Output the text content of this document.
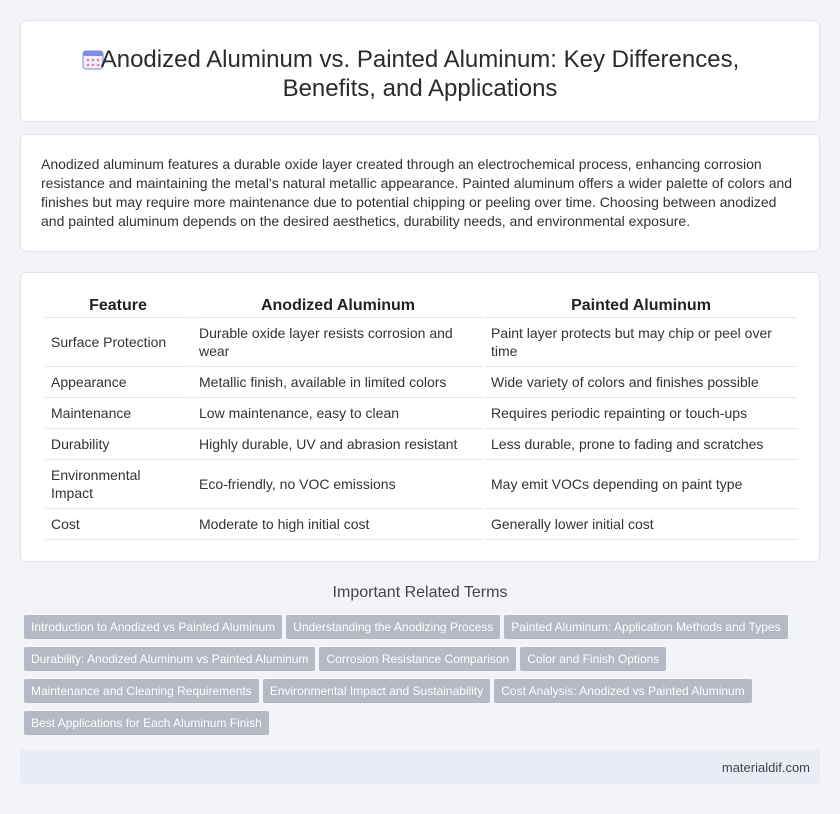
Anodized Aluminum vs. Painted Aluminum: Key Differences,
Benefits, and Applications

Anodized aluminum features a durable oxide layer created through an electrochemical process, enhancing corrosion resistance and maintaining the metal's natural metallic appearance. Painted aluminum offers a wider palette of colors and finishes but may require more maintenance due to potential chipping or peeling over time. Choosing between anodized and painted aluminum depends on the desired aesthetics, durability needs, and environmental exposure.

Feature	Anodized Aluminum	Painted Aluminum
Surface Protection	Durable oxide layer resists corrosion and wear	Paint layer protects but may chip or peel over time
Appearance	Metallic finish, available in limited colors	Wide variety of colors and finishes possible
Maintenance	Low maintenance, easy to clean	Requires periodic repainting or touch-ups
Durability	Highly durable, UV and abrasion resistant	Less durable, prone to fading and scratches
Environmental Impact	Eco-friendly, no VOC emissions	May emit VOCs depending on paint type
Cost	Moderate to high initial cost	Generally lower initial cost
Important Related Terms
Introduction to Anodized vs Painted Aluminum Understanding the Anodizing Process Painted Aluminum: Application Methods and Types
Durability: Anodized Aluminum vs Painted Aluminum Corrosion Resistance Comparison Color and Finish Options
Maintenance and Cleaning Requirements Environmental Impact and Sustainability Cost Analysis: Anodized vs Painted Aluminum
Best Applications for Each Aluminum Finish
materialdif.com
